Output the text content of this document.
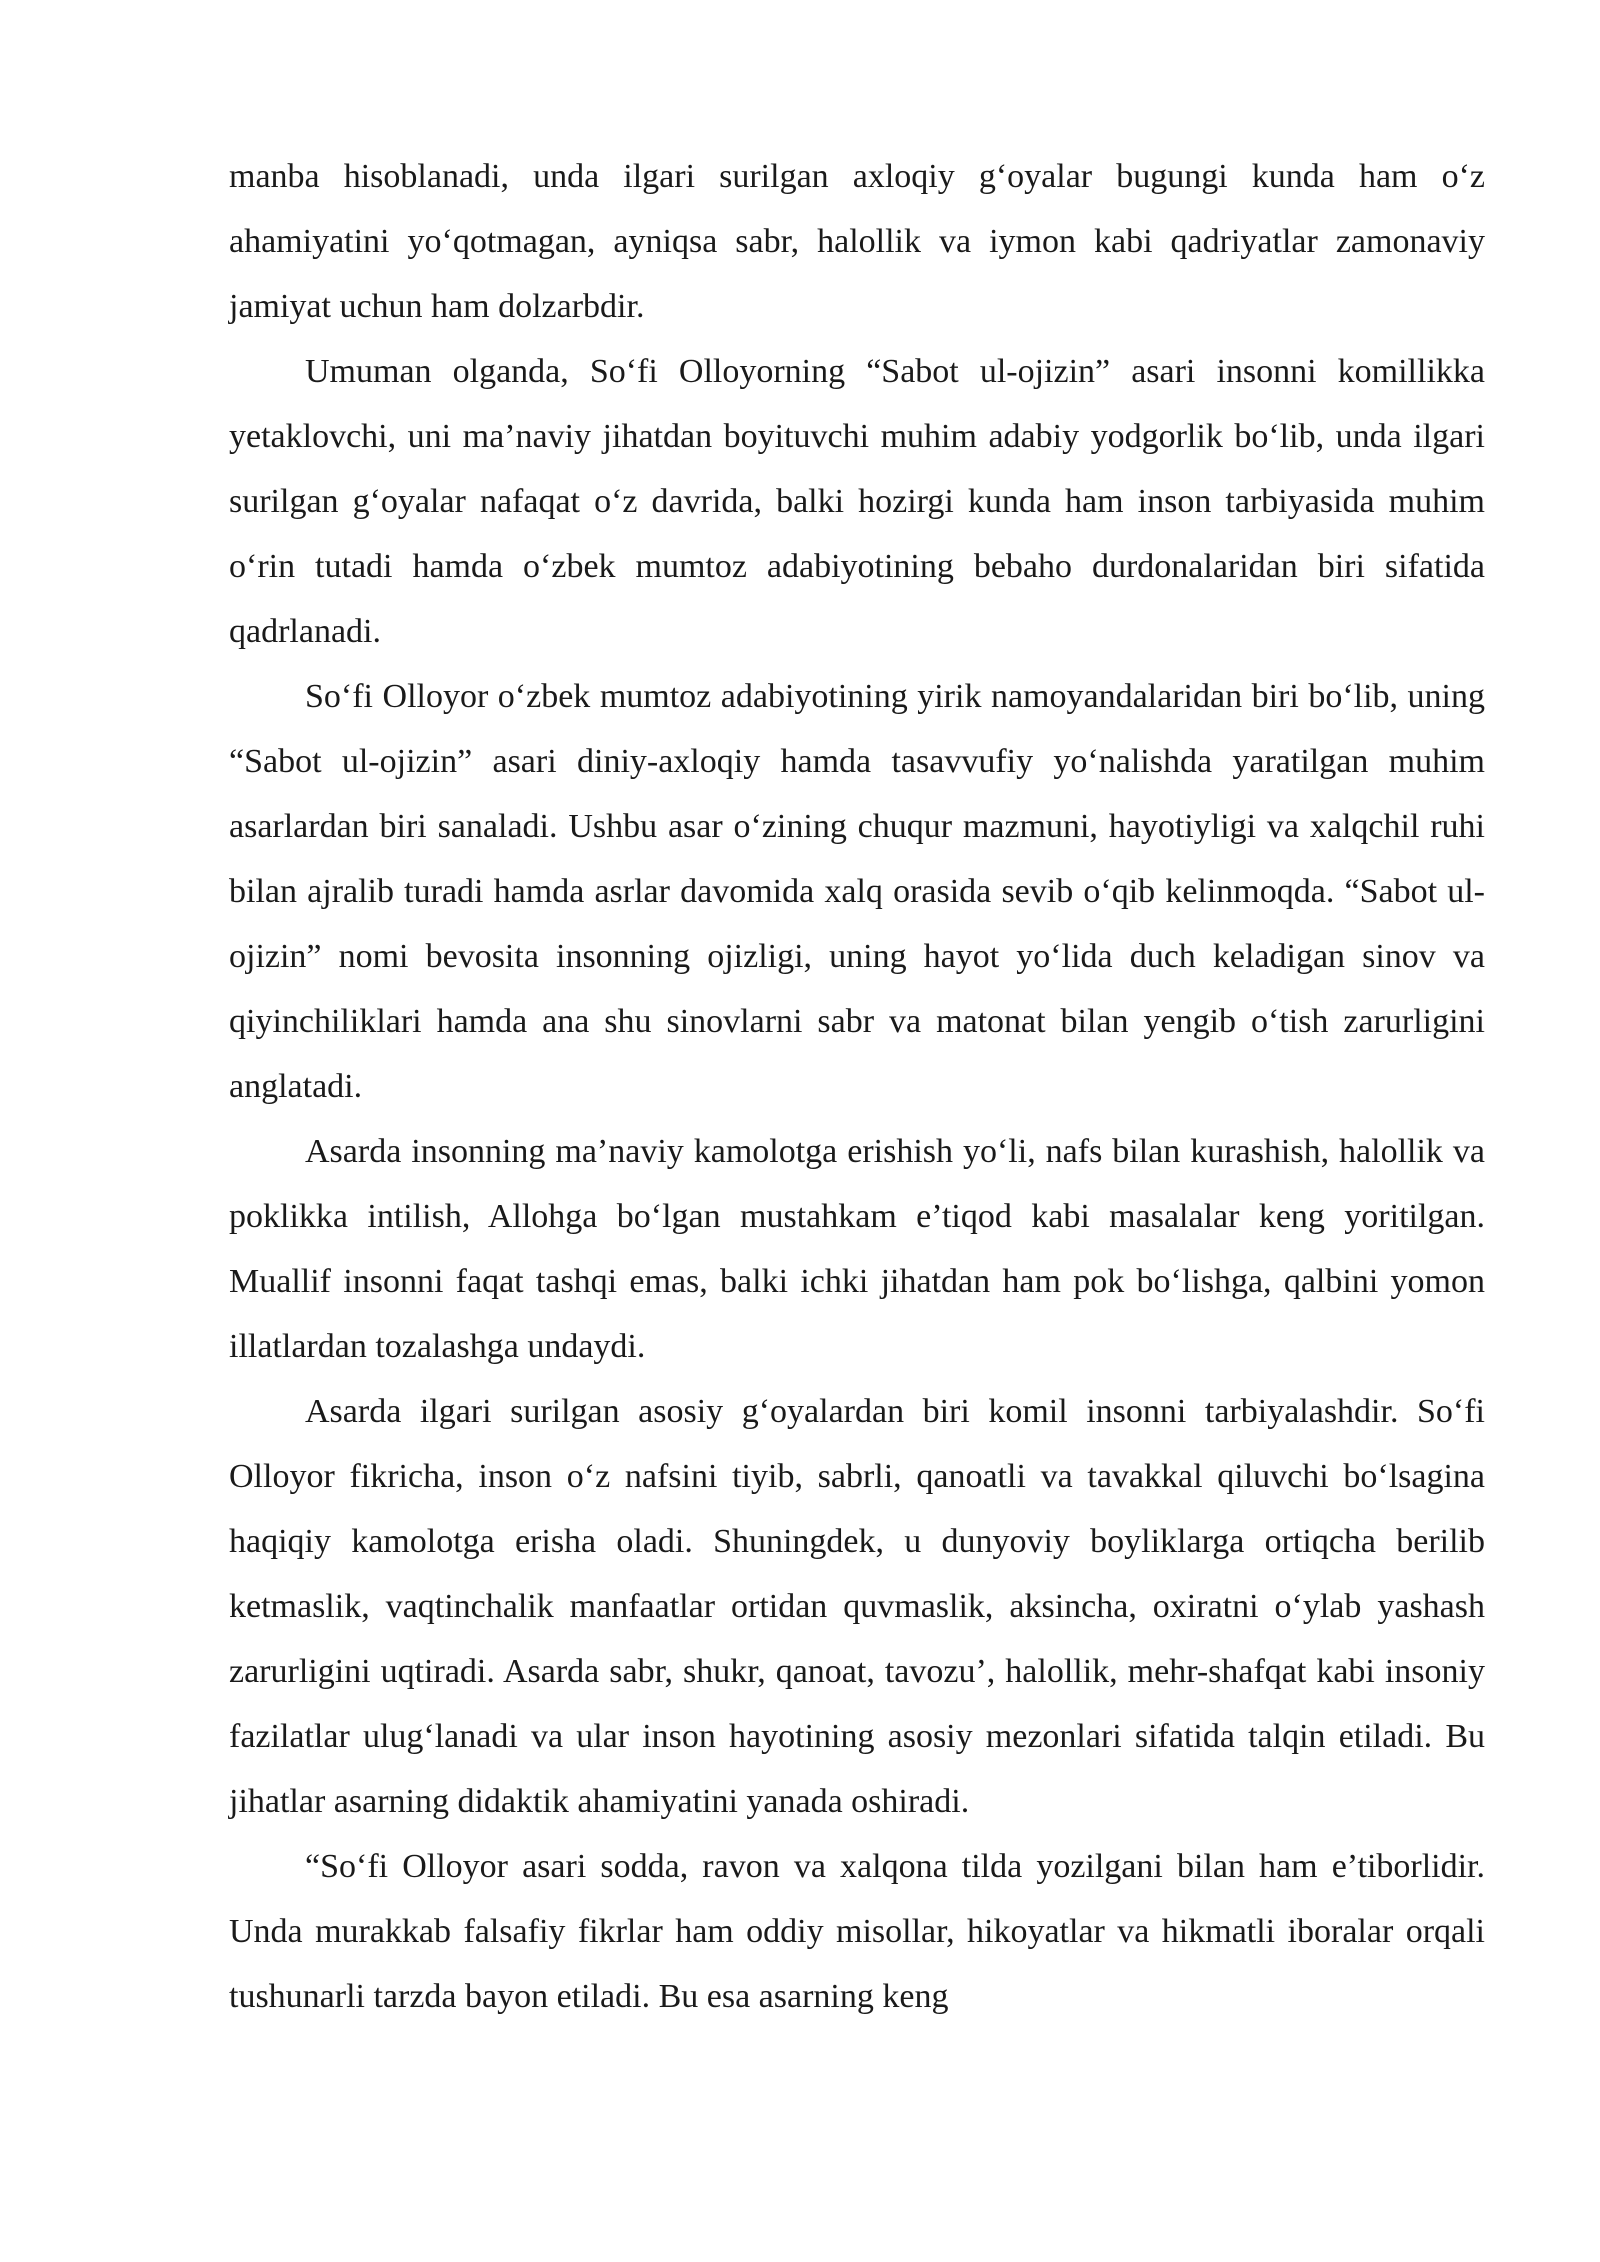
manba hisoblanadi, unda ilgari surilgan axloqiy g‘oyalar bugungi kunda ham o‘z ahamiyatini yo‘qotmagan, ayniqsa sabr, halollik va iymon kabi qadriyatlar zamonaviy jamiyat uchun ham dolzarbdir.

Umuman olganda, So‘fi Olloyorning “Sabot ul-ojizin” asari insonni komillikka yetaklovchi, uni ma’naviy jihatdan boyituvchi muhim adabiy yodgorlik bo‘lib, unda ilgari surilgan g‘oyalar nafaqat o‘z davrida, balki hozirgi kunda ham inson tarbiyasida muhim o‘rin tutadi hamda o‘zbek mumtoz adabiyotining bebaho durdonalaridan biri sifatida qadrlanadi.

So‘fi Olloyor o‘zbek mumtoz adabiyotining yirik namoyandalaridan biri bo‘lib, uning “Sabot ul-ojizin” asari diniy-axloqiy hamda tasavvufiy yo‘nalishda yaratilgan muhim asarlardan biri sanaladi. Ushbu asar o‘zining chuqur mazmuni, hayotiyligi va xalqchil ruhi bilan ajralib turadi hamda asrlar davomida xalq orasida sevib o‘qib kelinmoqda. “Sabot ul-ojizin” nomi bevosita insonning ojizligi, uning hayot yo‘lida duch keladigan sinov va qiyinchiliklari hamda ana shu sinovlarni sabr va matonat bilan yengib o‘tish zarurligini anglatadi.

Asarda insonning ma’naviy kamolotga erishish yo‘li, nafs bilan kurashish, halollik va poklikka intilish, Allohga bo‘lgan mustahkam e’tiqod kabi masalalar keng yoritilgan. Muallif insonni faqat tashqi emas, balki ichki jihatdan ham pok bo‘lishga, qalbini yomon illatlardan tozalashga undaydi.

Asarda ilgari surilgan asosiy g‘oyalardan biri komil insonni tarbiyalashdir. So‘fi Olloyor fikricha, inson o‘z nafsini tiyib, sabrli, qanoatli va tavakkal qiluvchi bo‘lsagina haqiqiy kamolotga erisha oladi. Shuningdek, u dunyoviy boyliklarga ortiqcha berilib ketmaslik, vaqtinchalik manfaatlar ortidan quvmaslik, aksincha, oxiratni o‘ylab yashash zarurligini uqtiradi. Asarda sabr, shukr, qanoat, tavozu’, halollik, mehr-shafqat kabi insoniy fazilatlar ulug‘lanadi va ular inson hayotining asosiy mezonlari sifatida talqin etiladi. Bu jihatlar asarning didaktik ahamiyatini yanada oshiradi.

“So‘fi Olloyor asari sodda, ravon va xalqona tilda yozilgani bilan ham e’tiborlidir. Unda murakkab falsafiy fikrlar ham oddiy misollar, hikoyatlar va hikmatli iboralar orqali tushunarli tarzda bayon etiladi. Bu esa asarning keng
